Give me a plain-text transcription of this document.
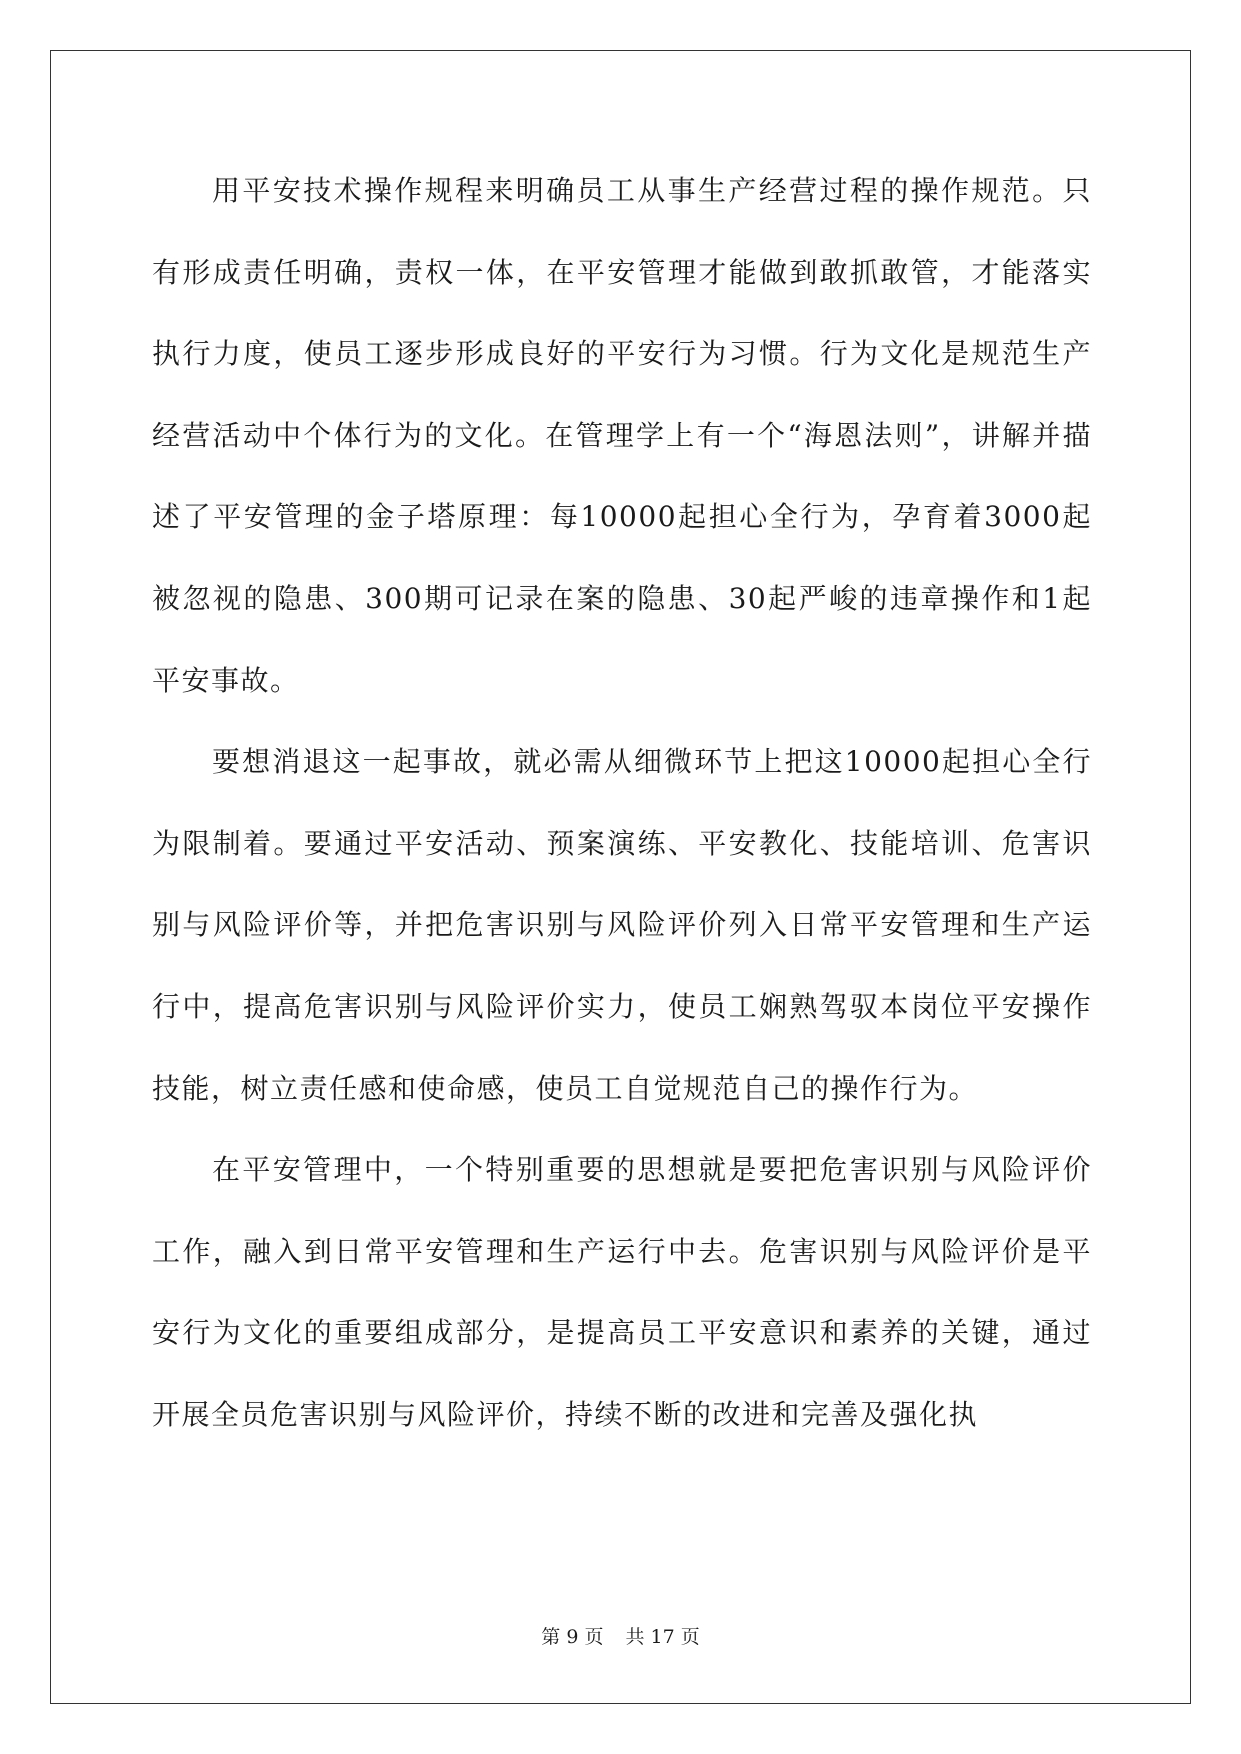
用平安技术操作规程来明确员工从事生产经营过程的操作规范。只有形成责任明确，责权一体，在平安管理才能做到敢抓敢管，才能落实执行力度，使员工逐步形成良好的平安行为习惯。行为文化是规范生产经营活动中个体行为的文化。在管理学上有一个“海恩法则”，讲解并描述了平安管理的金子塔原理：每10000起担心全行为，孕育着3000起被忽视的隐患、300期可记录在案的隐患、30起严峻的违章操作和1起平安事故。

要想消退这一起事故，就必需从细微环节上把这10000起担心全行为限制着。要通过平安活动、预案演练、平安教化、技能培训、危害识别与风险评价等，并把危害识别与风险评价列入日常平安管理和生产运行中，提高危害识别与风险评价实力，使员工娴熟驾驭本岗位平安操作技能，树立责任感和使命感，使员工自觉规范自己的操作行为。

在平安管理中，一个特别重要的思想就是要把危害识别与风险评价工作，融入到日常平安管理和生产运行中去。危害识别与风险评价是平安行为文化的重要组成部分，是提高员工平安意识和素养的关键，通过开展全员危害识别与风险评价，持续不断的改进和完善及强化执

第 9 页 共 17 页
